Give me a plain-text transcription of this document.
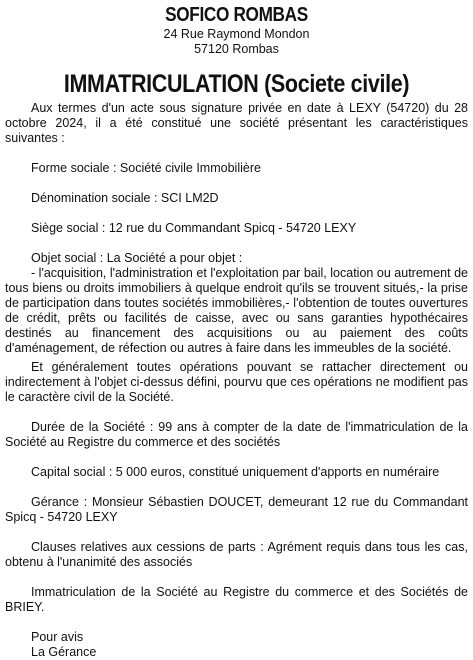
SOFICO ROMBAS

24 Rue Raymond Mondon

57120 Rombas

IMMATRICULATION (Societe civile)

Aux termes d'un acte sous signature privée en date à LEXY (54720) du 28 octobre 2024, il a été constitué une société présentant les caractéristiques suivantes :

Forme sociale : Société civile Immobilière

Dénomination sociale : SCI LM2D

Siège social : 12 rue du Commandant Spicq - 54720 LEXY

Objet social : La Société a pour objet :

- l'acquisition, l'administration et l'exploitation par bail, location ou autrement de tous biens ou droits immobiliers à quelque endroit qu'ils se trouvent situés,- la prise de participation dans toutes sociétés immobilières,- l'obtention de toutes ouvertures de crédit, prêts ou facilités de caisse, avec ou sans garanties hypothécaires destinés au financement des acquisitions ou au paiement des coûts d'aménagement, de réfection ou autres à faire dans les immeubles de la société.

Et généralement toutes opérations pouvant se rattacher directement ou indirectement à l'objet ci-dessus défini, pourvu que ces opérations ne modifient pas le caractère civil de la Société.

Durée de la Société : 99 ans à compter de la date de l'immatriculation de la Société au Registre du commerce et des sociétés

Capital social : 5 000 euros, constitué uniquement d'apports en numéraire

Gérance : Monsieur Sébastien DOUCET, demeurant 12 rue du Commandant Spicq - 54720 LEXY

Clauses relatives aux cessions de parts : Agrément requis dans tous les cas, obtenu à l'unanimité des associés

Immatriculation de la Société au Registre du commerce et des Sociétés de BRIEY.

Pour avis

La Gérance
